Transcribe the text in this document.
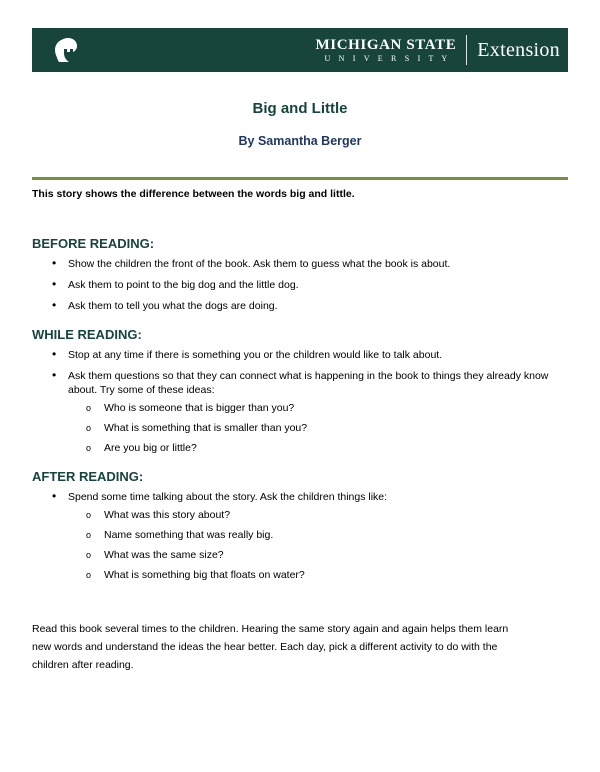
MICHIGAN STATE
U N I V E R S I T Y	Extension
Big and Little
By Samantha Berger
This story shows the difference between the words big and little.
BEFORE READING:
• Show the children the front of the book. Ask them to guess what the book is about.
• Ask them to point to the big dog and the little dog.
• Ask them to tell you what the dogs are doing.
WHILE READING:
• Stop at any time if there is something you or the children would like to talk about.
• Ask them questions so that they can connect what is happening in the book to things they already know about. Try some of these ideas:
o Who is someone that is bigger than you?
o What is something that is smaller than you?
o Are you big or little?
AFTER READING:
• Spend some time talking about the story. Ask the children things like:
o What was this story about?
o Name something that was really big.
o What was the same size?
o What is something big that floats on water?
Read this book several times to the children. Hearing the same story again and again helps them learn new words and understand the ideas the hear better. Each day, pick a different activity to do with the children after reading.
